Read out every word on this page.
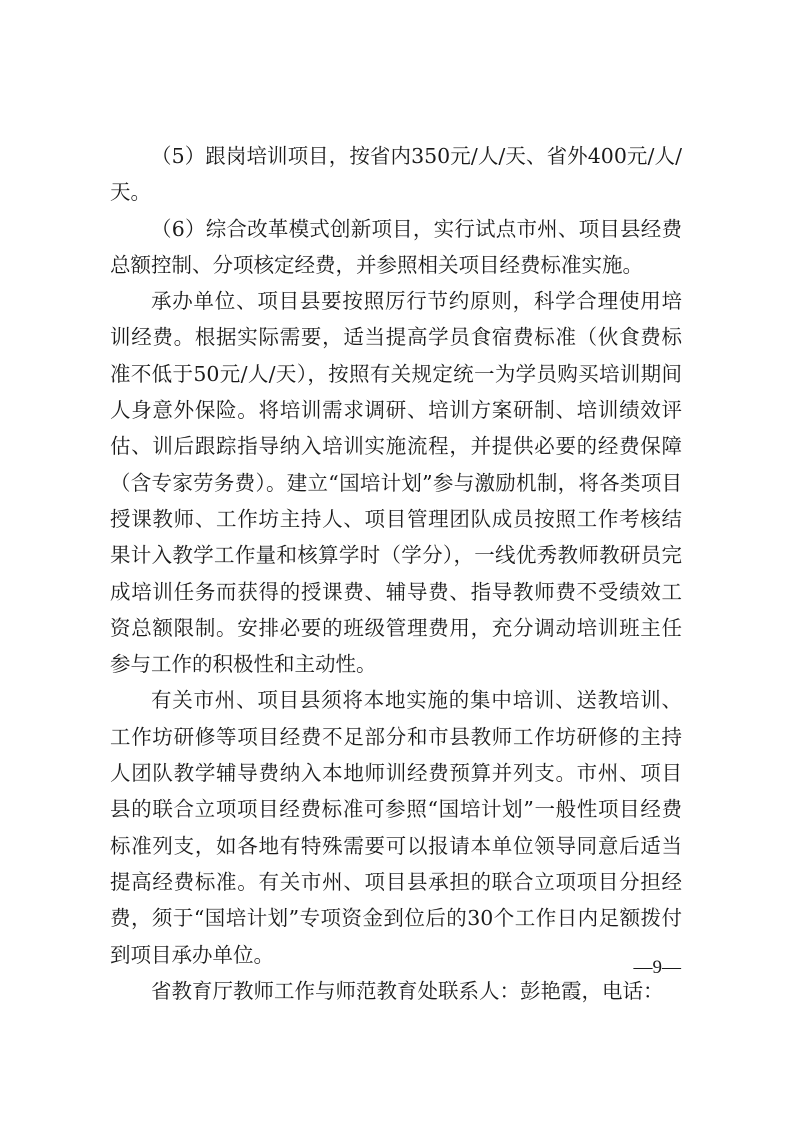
（5）跟岗培训项目，按省内350元/人/天、省外400元/人/天。

（6）综合改革模式创新项目，实行试点市州、项目县经费总额控制、分项核定经费，并参照相关项目经费标准实施。

承办单位、项目县要按照厉行节约原则，科学合理使用培训经费。根据实际需要，适当提高学员食宿费标准（伙食费标准不低于50元/人/天），按照有关规定统一为学员购买培训期间人身意外保险。将培训需求调研、培训方案研制、培训绩效评估、训后跟踪指导纳入培训实施流程，并提供必要的经费保障（含专家劳务费）。建立“国培计划”参与激励机制，将各类项目授课教师、工作坊主持人、项目管理团队成员按照工作考核结果计入教学工作量和核算学时（学分），一线优秀教师教研员完成培训任务而获得的授课费、辅导费、指导教师费不受绩效工资总额限制。安排必要的班级管理费用，充分调动培训班主任参与工作的积极性和主动性。

有关市州、项目县须将本地实施的集中培训、送教培训、工作坊研修等项目经费不足部分和市县教师工作坊研修的主持人团队教学辅导费纳入本地师训经费预算并列支。市州、项目县的联合立项项目经费标准可参照“国培计划”一般性项目经费标准列支，如各地有特殊需要可以报请本单位领导同意后适当提高经费标准。有关市州、项目县承担的联合立项项目分担经费，须于“国培计划”专项资金到位后的30个工作日内足额拨付到项目承办单位。

省教育厅教师工作与师范教育处联系人：彭艳霞，电话：

—9—
